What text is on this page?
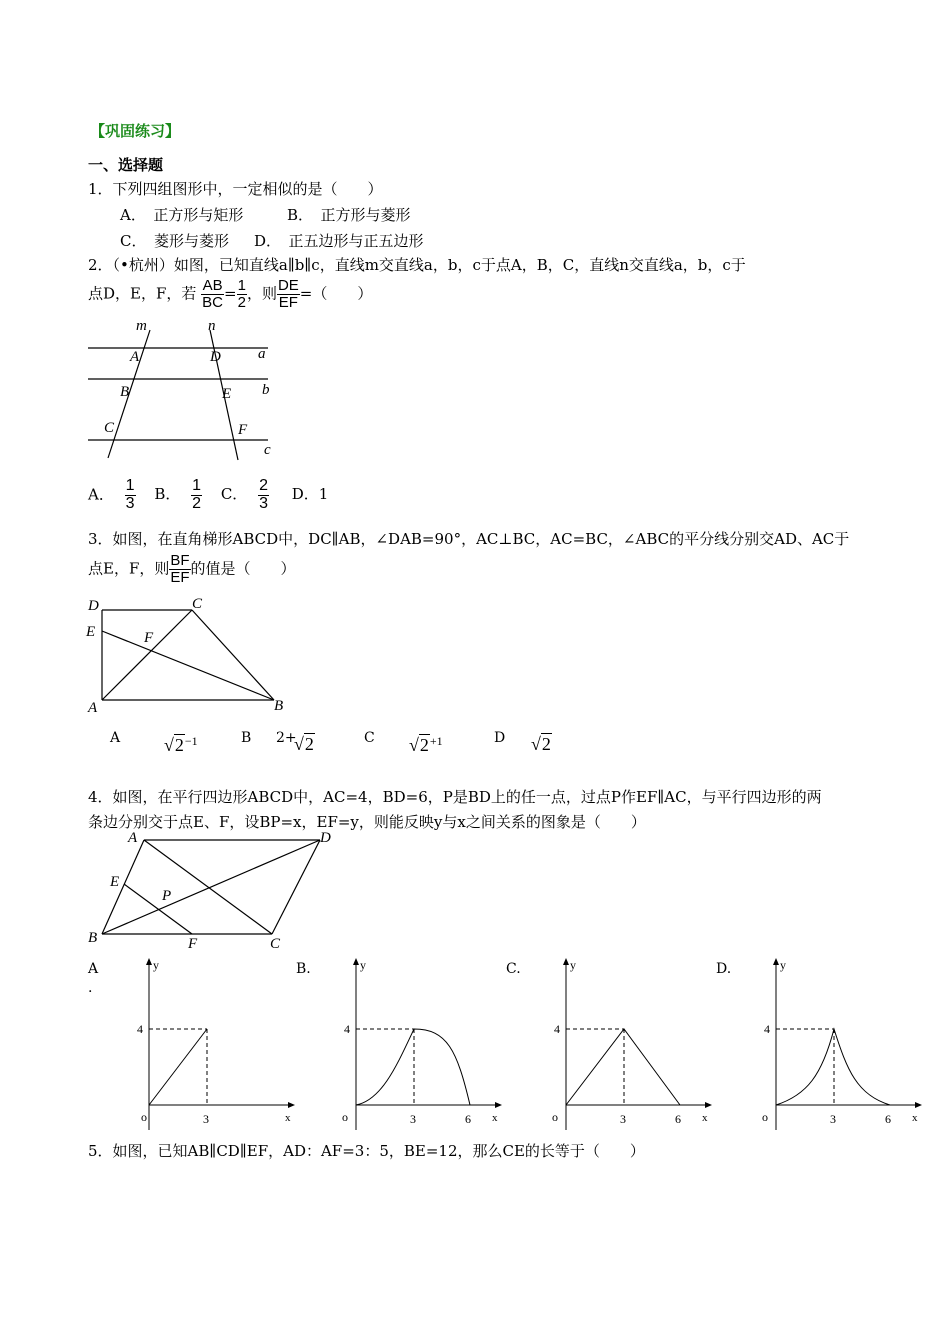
【巩固练习】
一、选择题
1．下列四组图形中，一定相似的是（　　）
A．　正方形与矩形	B．　正方形与菱形
C．　菱形与菱形 D．　正五边形与正五边形
2．（•杭州）如图，已知直线a∥b∥c，直线m交直线a，b，c于点A，B，C，直线n交直线a，b，c于
点D，E，F，若 $\frac{AB}{BC} = \frac{1}{2}$ ，则 $\frac{DE}{EF}$ =（　　）
m	n
a
b
c
A
B
C
D
E
F
A． $\frac{1}{3}$ B． $\frac{1}{2}$ C． $\frac{2}{3}$ D．1
3．如图，在直角梯形ABCD中，DC∥AB，∠DAB=90°，AC⊥BC，AC=BC，∠ABC的平分线分别交AD、AC于
点E，F，则 $\frac{BF}{EF}$ 的值是（　　）
D	C
E	F
A	B
A $√2^{-1}$	B 2+
√2	C $√2^{+1}$	D √2
4．如图，在平行四边形ABCD中，AC=4，BD=6，P是BD上的任一点，过点P作EF∥AC，与平行四边形的两
条边分别交于点E、F，设BP=x，EF=y，则能反映y与x之间关系的图象是（　　）
A	D
E
P
B	F	C
A
.
B.	C.	D.
y
x
o
4
3
y
x
o
4
3	6
y
x
o
4
3	6
y
x
o
4
3	6
5．如图，已知AB∥CD∥EF，AD：AF=3：5，BE=12，那么CE的长等于（　　）
